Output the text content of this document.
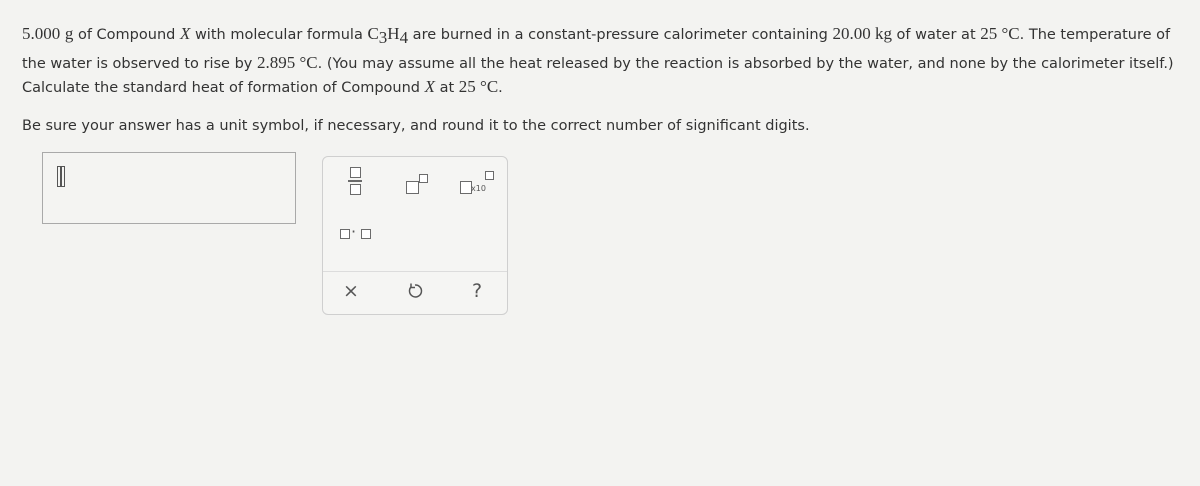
5.000 g of Compound X with molecular formula $C_3H_4$ are burned in a constant-pressure calorimeter containing 20.00 kg of water at 25 °C. The temperature of
the water is observed to rise by 2.895 °C. (You may assume all the heat released by the reaction is absorbed by the water, and none by the calorimeter itself.)
Calculate the standard heat of formation of Compound X at 25 °C.
Be sure your answer has a unit symbol, if necessary, and round it to the correct number of significant digits.
x10
·
×	?
